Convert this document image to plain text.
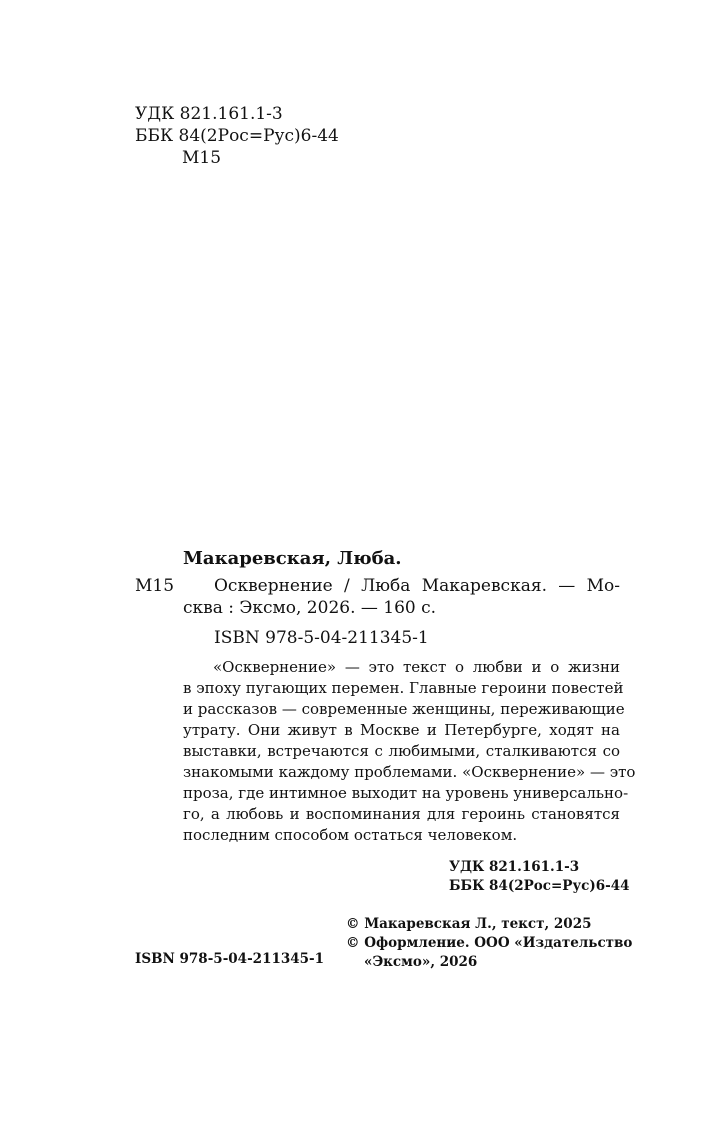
УДК 821.161.1-3
ББК 84(2Рос=Рус)6-44
М15
Макаревская, Люба.
М15 Осквернение / Люба Макаревская. — Мо-
сква : Эксмо, 2026. — 160 с.
ISBN 978-5-04-211345-1
«Осквернение» — это текст о любви и о жизни
в эпоху пугающих перемен. Главные героини повестей
и рассказов — современные женщины, переживающие
утрату. Они живут в Москве и Петербурге, ходят на
выставки, встречаются с любимыми, сталкиваются со
знакомыми каждому проблемами. «Осквернение» — это
проза, где интимное выходит на уровень универсально-
го, а любовь и воспоминания для героинь становятся
последним способом остаться человеком.
УДК 821.161.1-3
ББК 84(2Рос=Рус)6-44
© Макаревская Л., текст, 2025
© Оформление. ООО «Издательство
«Эксмо», 2026
ISBN 978-5-04-211345-1
